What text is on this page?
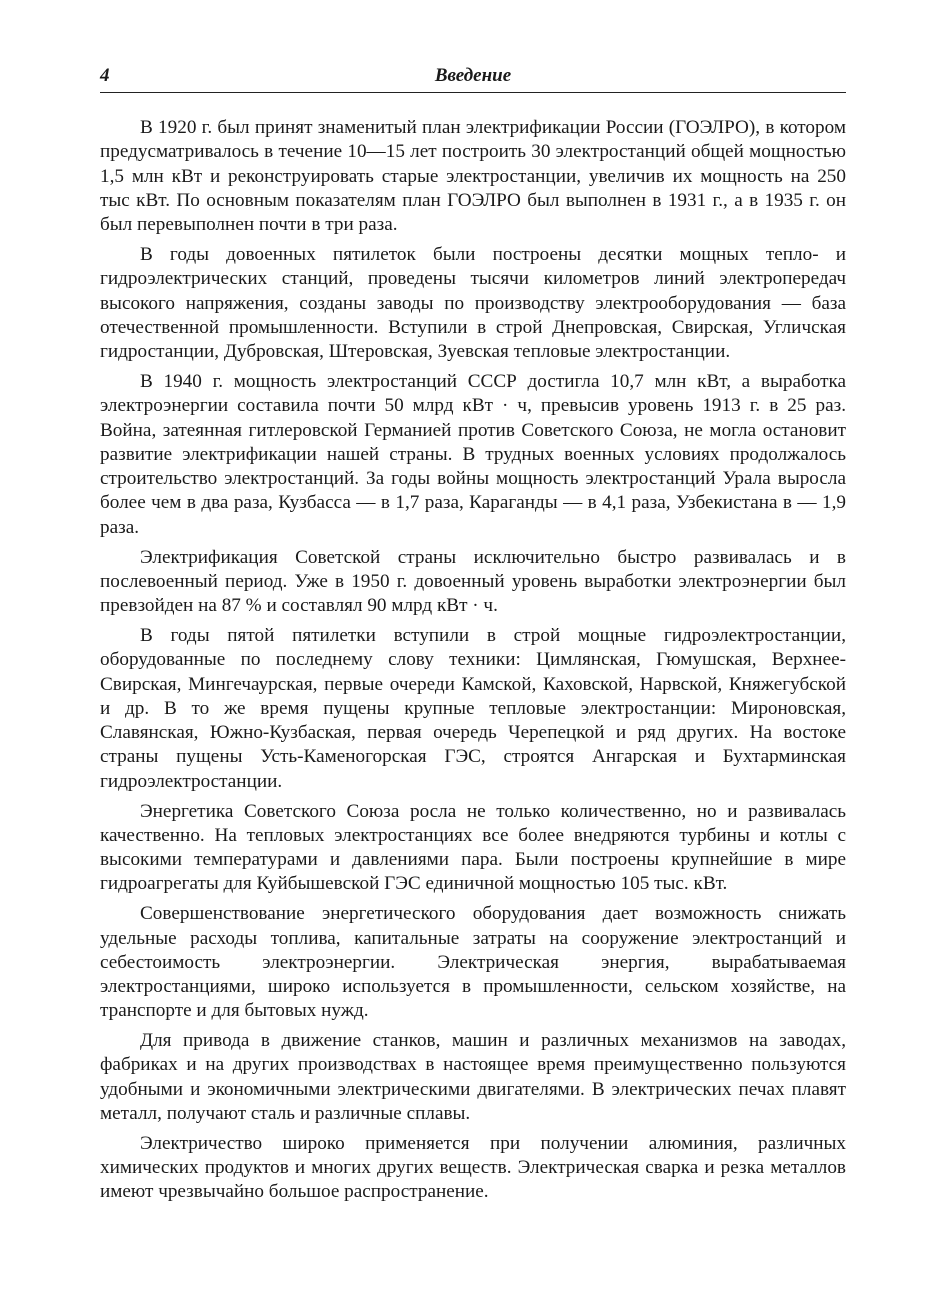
4	Введение

В 1920 г. был принят знаменитый план электрификации России (ГОЭЛРО), в котором предусматривалось в течение 10—15 лет построить 30 электростанций общей мощностью 1,5 млн кВт и реконструировать старые электростанции, увеличив их мощность на 250 тыс кВт. По основным показателям план ГОЭЛРО был выполнен в 1931 г., а в 1935 г. он был перевыполнен почти в три раза.

В годы довоенных пятилеток были построены десятки мощных тепло- и гидроэлектрических станций, проведены тысячи километров линий электропередач высокого напряжения, созданы заводы по производству электрооборудования — база отечественной промышленности. Вступили в строй Днепровская, Свирская, Угличская гидростанции, Дубровская, Штеровская, Зуевская тепловые электростанции.

В 1940 г. мощность электростанций СССР достигла 10,7 млн кВт, а выработка электроэнергии составила почти 50 млрд кВт · ч, превысив уровень 1913 г. в 25 раз. Война, затеянная гитлеровской Германией против Советского Союза, не могла остановит развитие электрификации нашей страны. В трудных военных условиях продолжалось строительство электростанций. За годы войны мощность электростанций Урала выросла более чем в два раза, Кузбасса — в 1,7 раза, Караганды — в 4,1 раза, Узбекистана в — 1,9 раза.

Электрификация Советской страны исключительно быстро развивалась и в послевоенный период. Уже в 1950 г. довоенный уровень выработки электроэнергии был превзойден на 87 % и составлял 90 млрд кВт · ч.

В годы пятой пятилетки вступили в строй мощные гидроэлектростанции, оборудованные по последнему слову техники: Цимлянская, Гюмушская, Верхнее-Свирская, Мингечаурская, первые очереди Камской, Каховской, Нарвской, Княжегубской и др. В то же время пущены крупные тепловые электростанции: Мироновская, Славянская, Южно-Кузбаская, первая очередь Черепецкой и ряд других. На востоке страны пущены Усть-Каменогорская ГЭС, строятся Ангарская и Бухтарминская гидроэлектростанции.

Энергетика Советского Союза росла не только количественно, но и развивалась качественно. На тепловых электростанциях все более внедряются турбины и котлы с высокими температурами и давлениями пара. Были построены крупнейшие в мире гидроагрегаты для Куйбышевской ГЭС единичной мощностью 105 тыс. кВт.

Совершенствование энергетического оборудования дает возможность снижать удельные расходы топлива, капитальные затраты на сооружение электростанций и себестоимость электроэнергии. Электрическая энергия, вырабатываемая электростанциями, широко используется в промышленности, сельском хозяйстве, на транспорте и для бытовых нужд.

Для привода в движение станков, машин и различных механизмов на заводах, фабриках и на других производствах в настоящее время преимущественно пользуются удобными и экономичными электрическими двигателями. В электрических печах плавят металл, получают сталь и различные сплавы.

Электричество широко применяется при получении алюминия, различных химических продуктов и многих других веществ. Электрическая сварка и резка металлов имеют чрезвычайно большое распространение.
